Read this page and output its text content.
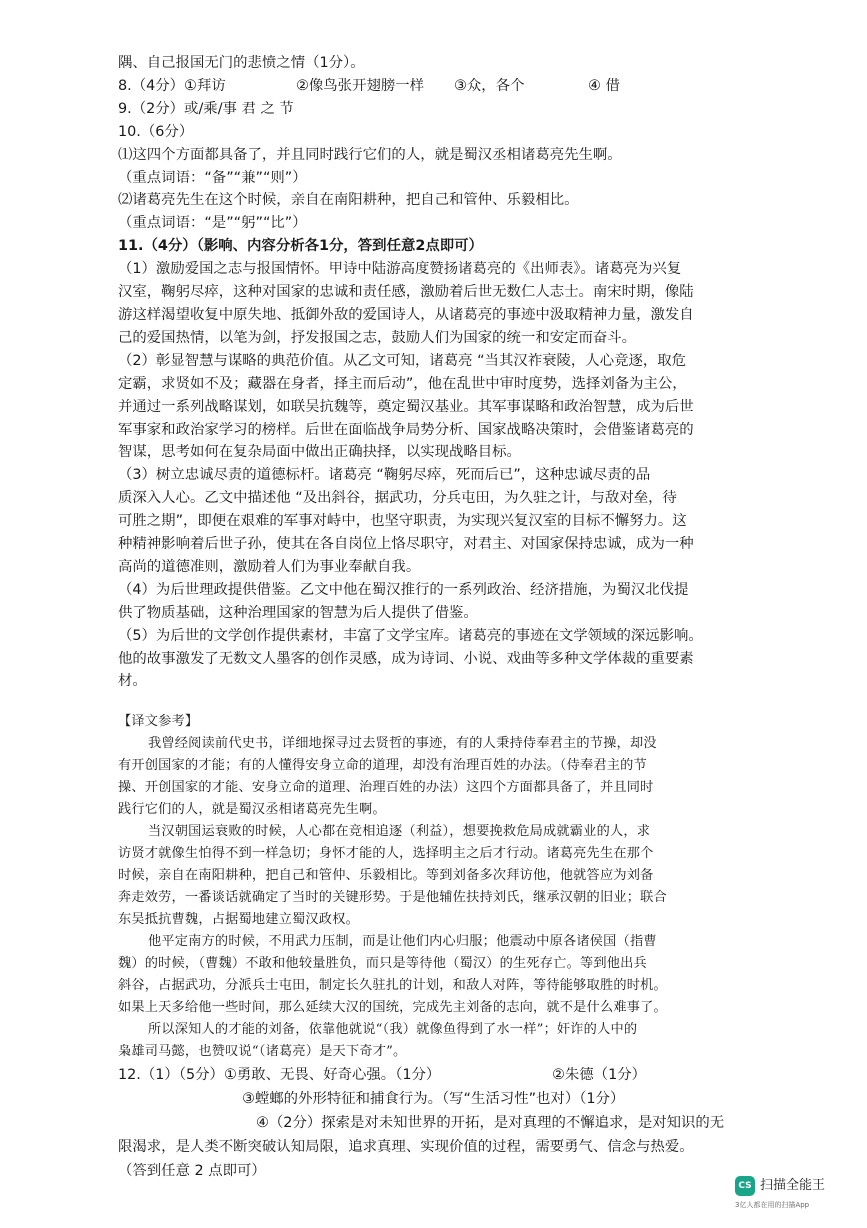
隅、自己报国无门的悲愤之情（1分）。
8.（4分）①拜访	②像鸟张开翅膀一样	③众，各个	④ 借
9.（2分）或/乘/事 君 之 节
10.（6分）
⑴这四个方面都具备了，并且同时践行它们的人，就是蜀汉丞相诸葛亮先生啊。
（重点词语：“备”“兼”“则”）
⑵诸葛亮先生在这个时候，亲自在南阳耕种，把自己和管仲、乐毅相比。
（重点词语：“是”“躬”“比”）
11.（4分）（影响、内容分析各1分，答到任意2点即可）
（1）激励爱国之志与报国情怀。甲诗中陆游高度赞扬诸葛亮的《出师表》。诸葛亮为兴复
汉室，鞠躬尽瘁，这种对国家的忠诚和责任感，激励着后世无数仁人志士。南宋时期，像陆
游这样渴望收复中原失地、抵御外敌的爱国诗人，从诸葛亮的事迹中汲取精神力量，激发自
己的爱国热情，以笔为剑，抒发报国之志，鼓励人们为国家的统一和安定而奋斗。
（2）彰显智慧与谋略的典范价值。从乙文可知，诸葛亮 “当其汉祚衰陵，人心竞逐，取危
定霸，求贤如不及；藏器在身者，择主而后动”，他在乱世中审时度势，选择刘备为主公，
并通过一系列战略谋划，如联吴抗魏等，奠定蜀汉基业。其军事谋略和政治智慧，成为后世
军事家和政治家学习的榜样。后世在面临战争局势分析、国家战略决策时，会借鉴诸葛亮的
智谋，思考如何在复杂局面中做出正确抉择，以实现战略目标。
（3）树立忠诚尽责的道德标杆。诸葛亮 “鞠躬尽瘁，死而后已”，这种忠诚尽责的品
质深入人心。乙文中描述他 “及出斜谷，据武功，分兵屯田，为久驻之计，与敌对垒，待
可胜之期”，即便在艰难的军事对峙中，也坚守职责，为实现兴复汉室的目标不懈努力。这
种精神影响着后世子孙，使其在各自岗位上恪尽职守，对君主、对国家保持忠诚，成为一种
高尚的道德准则，激励着人们为事业奉献自我。
（4）为后世理政提供借鉴。乙文中他在蜀汉推行的一系列政治、经济措施，为蜀汉北伐提
供了物质基础，这种治理国家的智慧为后人提供了借鉴。
（5）为后世的文学创作提供素材，丰富了文学宝库。诸葛亮的事迹在文学领域的深远影响。
他的故事激发了无数文人墨客的创作灵感，成为诗词、小说、戏曲等多种文学体裁的重要素
材。
【译文参考】
我曾经阅读前代史书，详细地探寻过去贤哲的事迹，有的人秉持侍奉君主的节操，却没
有开创国家的才能；有的人懂得安身立命的道理，却没有治理百姓的办法。（侍奉君主的节
操、开创国家的才能、安身立命的道理、治理百姓的办法）这四个方面都具备了，并且同时
践行它们的人，就是蜀汉丞相诸葛亮先生啊。
当汉朝国运衰败的时候，人心都在竞相追逐（利益），想要挽救危局成就霸业的人，求
访贤才就像生怕得不到一样急切；身怀才能的人，选择明主之后才行动。诸葛亮先生在那个
时候，亲自在南阳耕种，把自己和管仲、乐毅相比。等到刘备多次拜访他，他就答应为刘备
奔走效劳，一番谈话就确定了当时的关键形势。于是他辅佐扶持刘氏，继承汉朝的旧业；联合
东吴抵抗曹魏，占据蜀地建立蜀汉政权。
他平定南方的时候，不用武力压制，而是让他们内心归服；他震动中原各诸侯国（指曹
魏）的时候，（曹魏）不敢和他较量胜负，而只是等待他（蜀汉）的生死存亡。等到他出兵
斜谷，占据武功，分派兵士屯田，制定长久驻扎的计划，和敌人对阵，等待能够取胜的时机。
如果上天多给他一些时间，那么延续大汉的国统，完成先主刘备的志向，就不是什么难事了。
所以深知人的才能的刘备，依靠他就说“（我）就像鱼得到了水一样”；奸诈的人中的
枭雄司马懿，也赞叹说“（诸葛亮）是天下奇才”。
12.（1）（5分）①勇敢、无畏、好奇心强。（1分）	②朱德（1分）
③螳螂的外形特征和捕食行为。（写“生活习性”也对）（1分）
④（2分）探索是对未知世界的开拓，是对真理的不懈追求，是对知识的无
限渴求，是人类不断突破认知局限，追求真理、实现价值的过程，需要勇气、信念与热爱。
（答到任意 2 点即可）
CS 扫描全能王
3亿人都在用的扫描App
